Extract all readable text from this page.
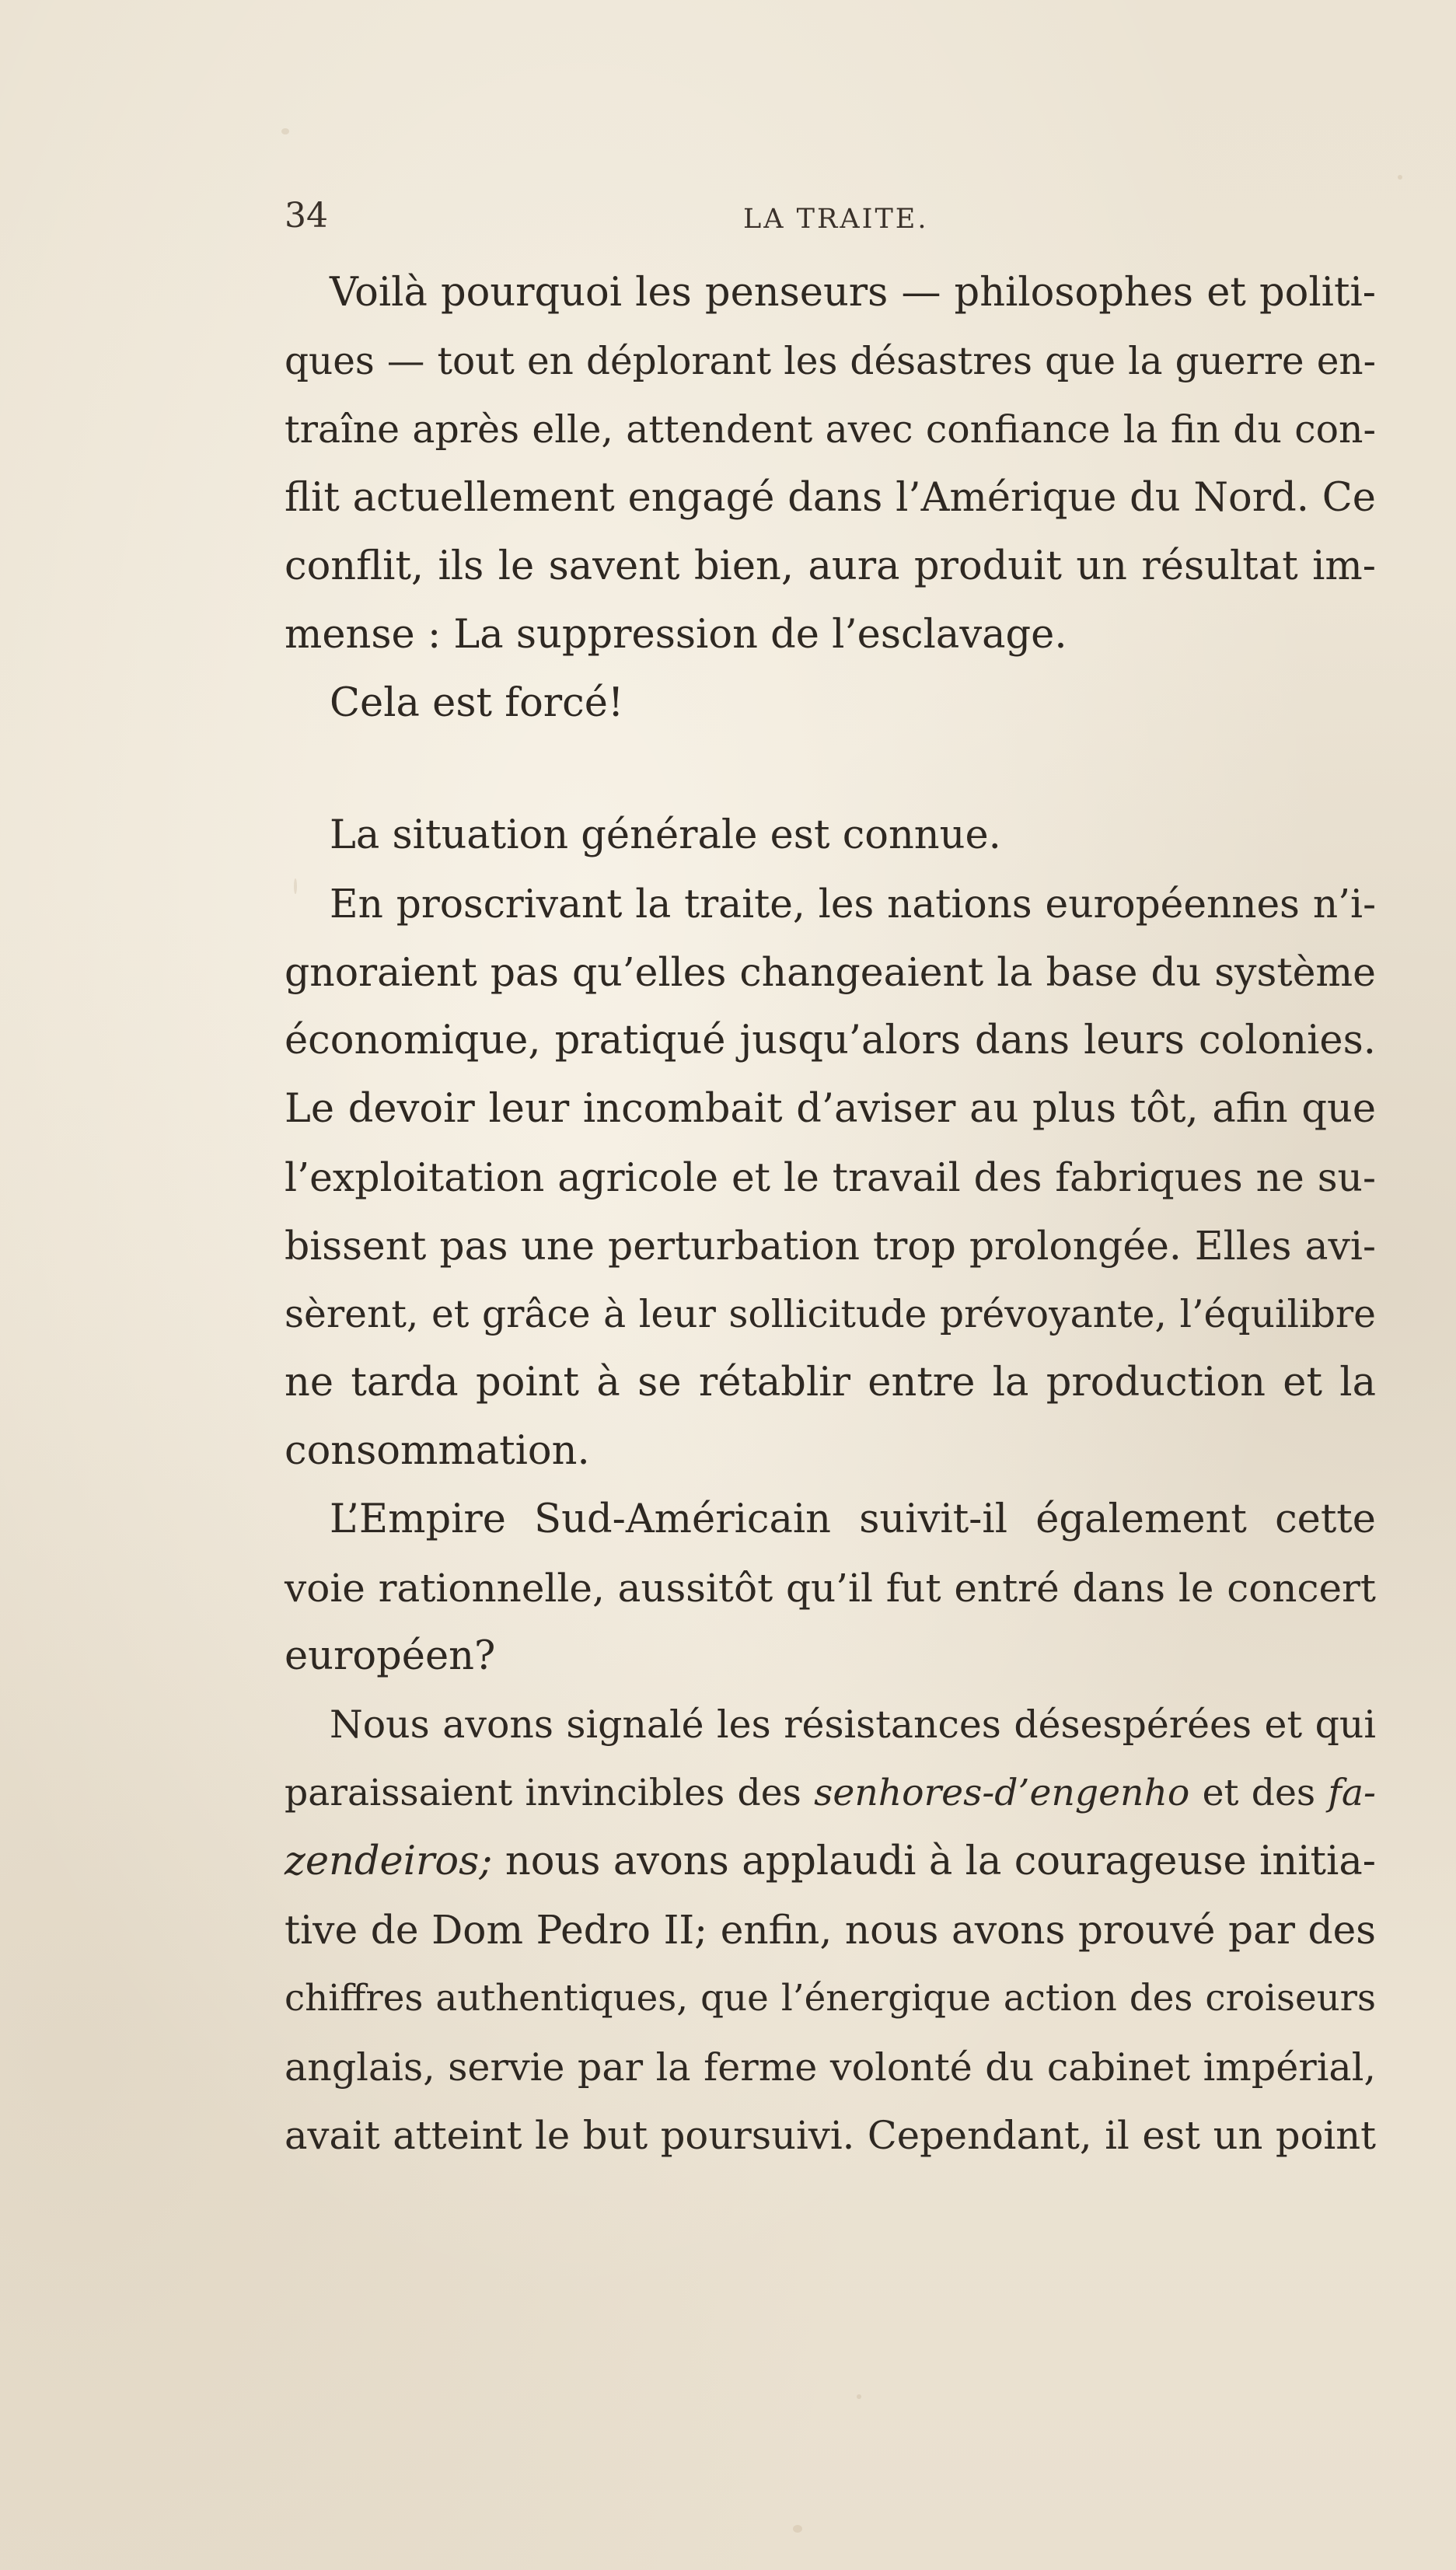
34	LA TRAITE.
Voilà pourquoi les penseurs — philosophes et politi-
ques — tout en déplorant les désastres que la guerre en-
traîne après elle, attendent avec confiance la fin du con-
flit actuellement engagé dans l’Amérique du Nord. Ce
conflit, ils le savent bien, aura produit un résultat im-
mense : La suppression de l’esclavage.
Cela est forcé!
La situation générale est connue.
En proscrivant la traite, les nations européennes n’i-
gnoraient pas qu’elles changeaient la base du système
économique, pratiqué jusqu’alors dans leurs colonies.
Le devoir leur incombait d’aviser au plus tôt, afin que
l’exploitation agricole et le travail des fabriques ne su-
bissent pas une perturbation trop prolongée. Elles avi-
sèrent, et grâce à leur sollicitude prévoyante, l’équilibre
ne tarda point à se rétablir entre la production et la
consommation.
L’Empire Sud-Américain suivit-il également cette
voie rationnelle, aussitôt qu’il fut entré dans le concert
européen?
Nous avons signalé les résistances désespérées et qui
paraissaient invincibles des senhores-d’engenho et des fa-
zendeiros; nous avons applaudi à la courageuse initia-
tive de Dom Pedro II; enfin, nous avons prouvé par des
chiffres authentiques, que l’énergique action des croiseurs
anglais, servie par la ferme volonté du cabinet impérial,
avait atteint le but poursuivi. Cependant, il est un point
